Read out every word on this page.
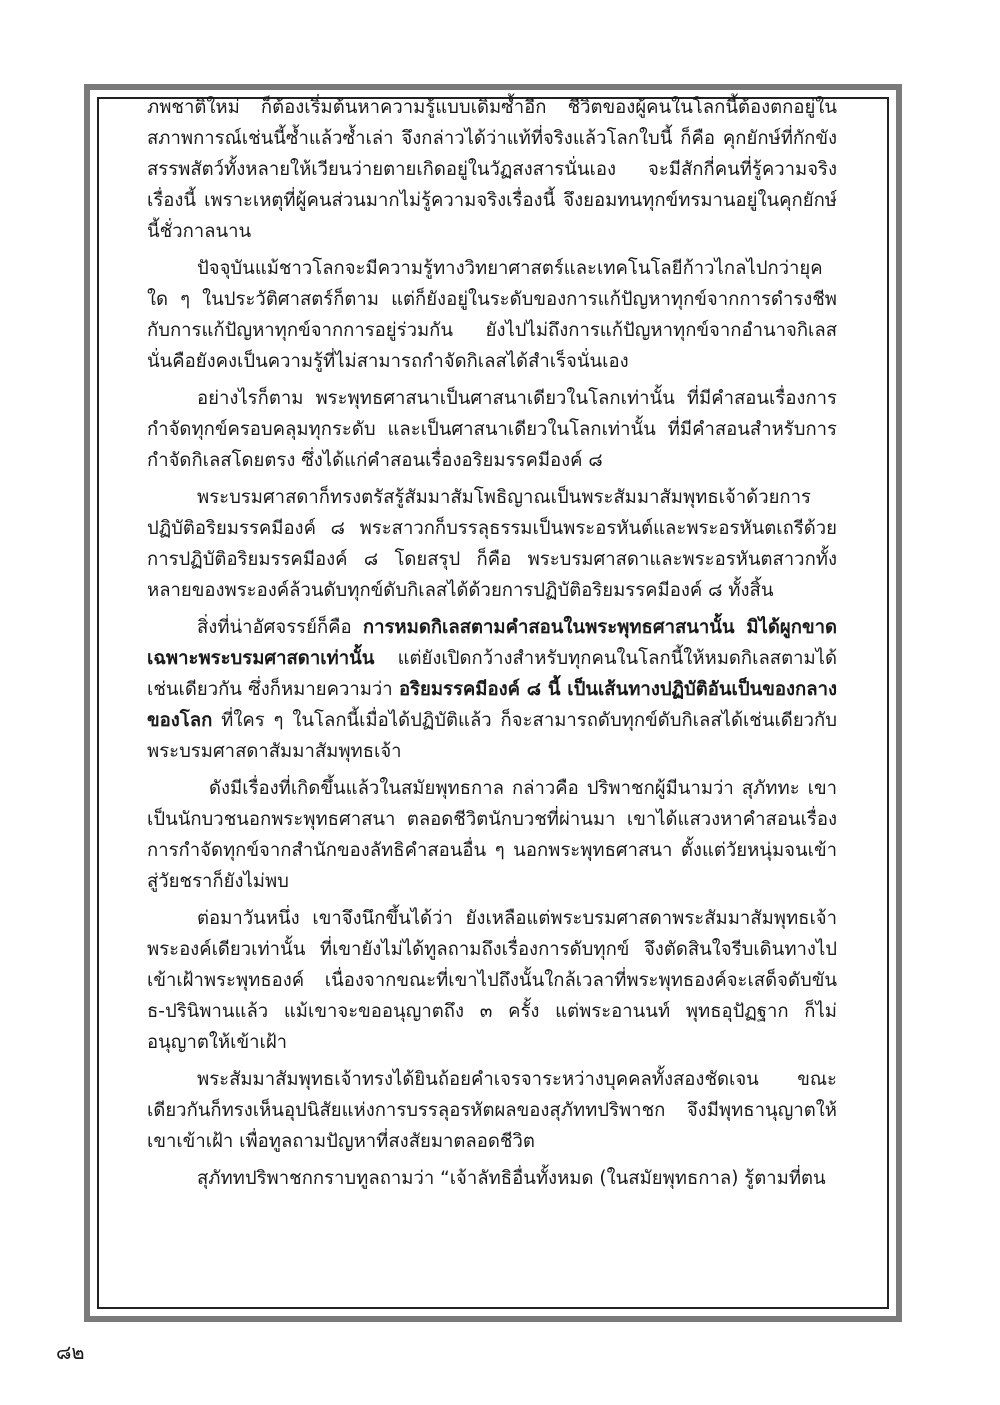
ภพชาติใหม่ ก็ต้องเริ่มต้นหาความรู้แบบเดิมซ้ำอีก ชีวิตของผู้คนในโลกนี้ต้องตกอยู่ในสภาพการณ์เช่นนี้ซ้ำแล้วซ้ำเล่า จึงกล่าวได้ว่าแท้ที่จริงแล้วโลกใบนี้ ก็คือ คุกยักษ์ที่กักขังสรรพสัตว์ทั้งหลายให้เวียนว่ายตายเกิดอยู่ในวัฏสงสารนั่นเอง จะมีสักกี่คนที่รู้ความจริงเรื่องนี้ เพราะเหตุที่ผู้คนส่วนมากไม่รู้ความจริงเรื่องนี้ จึงยอมทนทุกข์ทรมานอยู่ในคุกยักษ์นี้ชั่วกาลนาน

ปัจจุบันแม้ชาวโลกจะมีความรู้ทางวิทยาศาสตร์และเทคโนโลยีก้าวไกลไปกว่ายุคใด ๆ ในประวัติศาสตร์ก็ตาม แต่ก็ยังอยู่ในระดับของการแก้ปัญหาทุกข์จากการดำรงชีพกับการแก้ปัญหาทุกข์จากการอยู่ร่วมกัน ยังไปไม่ถึงการแก้ปัญหาทุกข์จากอำนาจกิเลส นั่นคือยังคงเป็นความรู้ที่ไม่สามารถกำจัดกิเลสได้สำเร็จนั่นเอง

อย่างไรก็ตาม พระพุทธศาสนาเป็นศาสนาเดียวในโลกเท่านั้น ที่มีคำสอนเรื่องการกำจัดทุกข์ครอบคลุมทุกระดับ และเป็นศาสนาเดียวในโลกเท่านั้น ที่มีคำสอนสำหรับการกำจัดกิเลสโดยตรง ซึ่งได้แก่คำสอนเรื่องอริยมรรคมีองค์ ๘

พระบรมศาสดาก็ทรงตรัสรู้สัมมาสัมโพธิญาณเป็นพระสัมมาสัมพุทธเจ้าด้วยการปฏิบัติอริยมรรคมีองค์ ๘ พระสาวกก็บรรลุธรรมเป็นพระอรหันต์และพระอรหันตเถรีด้วยการปฏิบัติอริยมรรคมีองค์ ๘ โดยสรุป ก็คือ พระบรมศาสดาและพระอรหันตสาวกทั้งหลายของพระองค์ล้วนดับทุกข์ดับกิเลสได้ด้วยการปฏิบัติอริยมรรคมีองค์ ๘ ทั้งสิ้น

สิ่งที่น่าอัศจรรย์ก็คือ การหมดกิเลสตามคำสอนในพระพุทธศาสนานั้น มิได้ผูกขาดเฉพาะพระบรมศาสดาเท่านั้น แต่ยังเปิดกว้างสำหรับทุกคนในโลกนี้ให้หมดกิเลสตามได้เช่นเดียวกัน ซึ่งก็หมายความว่า อริยมรรคมีองค์ ๘ นี้ เป็นเส้นทางปฏิบัติอันเป็นของกลางของโลก ที่ใคร ๆ ในโลกนี้เมื่อได้ปฏิบัติแล้ว ก็จะสามารถดับทุกข์ดับกิเลสได้เช่นเดียวกับพระบรมศาสดาสัมมาสัมพุทธเจ้า

ดังมีเรื่องที่เกิดขึ้นแล้วในสมัยพุทธกาล กล่าวคือ ปริพาชกผู้มีนามว่า สุภัททะ เขาเป็นนักบวชนอกพระพุทธศาสนา ตลอดชีวิตนักบวชที่ผ่านมา เขาได้แสวงหาคำสอนเรื่องการกำจัดทุกข์จากสำนักของลัทธิคำสอนอื่น ๆ นอกพระพุทธศาสนา ตั้งแต่วัยหนุ่มจนเข้าสู่วัยชราก็ยังไม่พบ

ต่อมาวันหนึ่ง เขาจึงนึกขึ้นได้ว่า ยังเหลือแต่พระบรมศาสดาพระสัมมาสัมพุทธเจ้าพระองค์เดียวเท่านั้น ที่เขายังไม่ได้ทูลถามถึงเรื่องการดับทุกข์ จึงตัดสินใจรีบเดินทางไปเข้าเฝ้าพระพุทธองค์ เนื่องจากขณะที่เขาไปถึงนั้นใกล้เวลาที่พระพุทธองค์จะเสด็จดับขันธ-ปรินิพานแล้ว แม้เขาจะขออนุญาตถึง ๓ ครั้ง แต่พระอานนท์ พุทธอุปัฏฐาก ก็ไม่อนุญาตให้เข้าเฝ้า

พระสัมมาสัมพุทธเจ้าทรงได้ยินถ้อยคำเจรจาระหว่างบุคคลทั้งสองชัดเจน ขณะเดียวกันก็ทรงเห็นอุปนิสัยแห่งการบรรลุอรหัตผลของสุภัททปริพาชก จึงมีพุทธานุญาตให้เขาเข้าเฝ้า เพื่อทูลถามปัญหาที่สงสัยมาตลอดชีวิต

สุภัททปริพาชกกราบทูลถามว่า “เจ้าลัทธิอื่นทั้งหมด (ในสมัยพุทธกาล) รู้ตามที่ตน

๘๒
